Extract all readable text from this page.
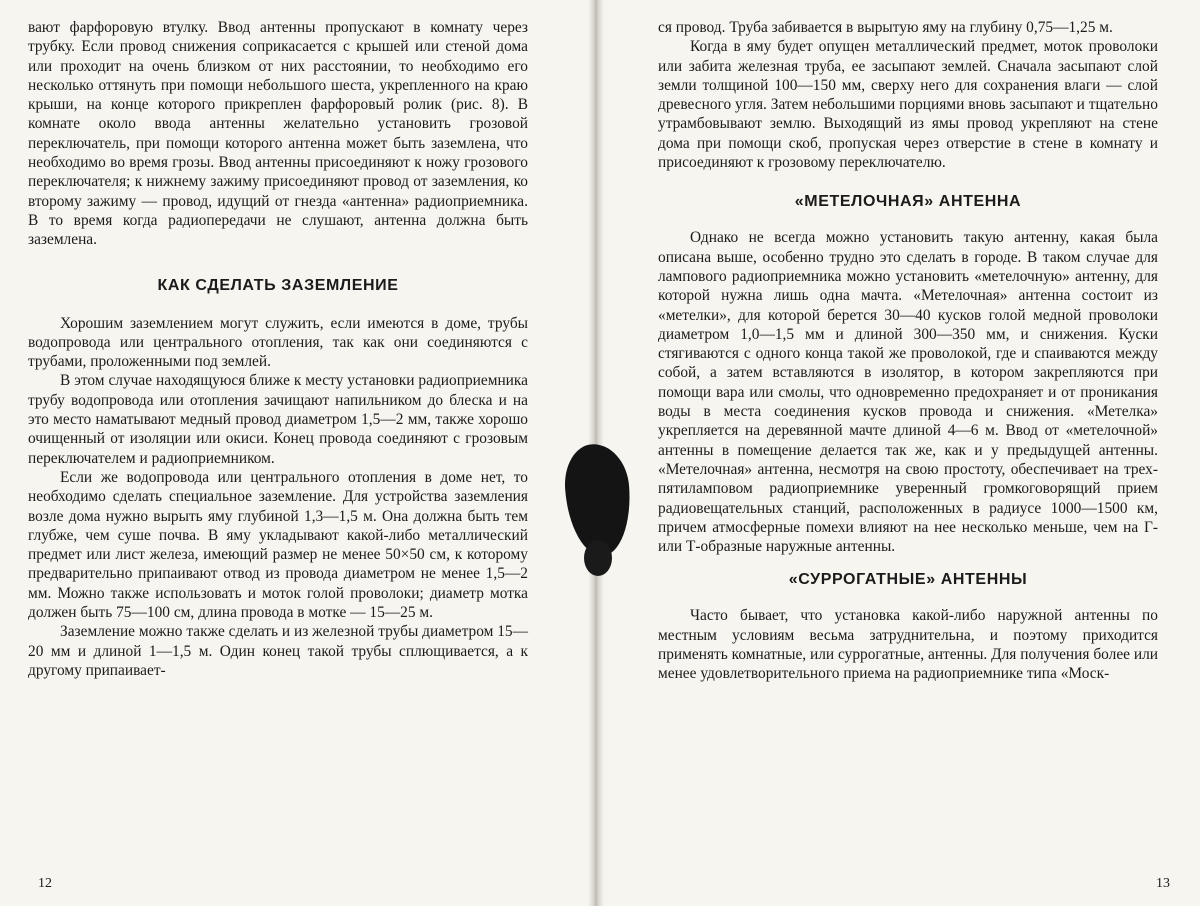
вают фарфоровую втулку. Ввод антенны пропускают в комнату через трубку. Если провод снижения соприкасается с крышей или стеной дома или проходит на очень близком от них расстоянии, то необходимо его несколько оттянуть при помощи небольшого шеста, укрепленного на краю крыши, на конце которого прикреплен фарфоровый ролик (рис. 8). В комнате около ввода антенны желательно установить грозовой переключатель, при помощи которого антенна может быть заземлена, что необходимо во время грозы. Ввод антенны присоединяют к ножу грозового переключателя; к нижнему зажиму присоединяют провод от заземления, ко второму зажиму — провод, идущий от гнезда «антенна» радиоприемника. В то время когда радиопередачи не слушают, антенна должна быть заземлена.

КАК СДЕЛАТЬ ЗАЗЕМЛЕНИЕ

Хорошим заземлением могут служить, если имеются в доме, трубы водопровода или центрального отопления, так как они соединяются с трубами, проложенными под землей.

В этом случае находящуюся ближе к месту установки радиоприемника трубу водопровода или отопления зачищают напильником до блеска и на это место наматывают медный провод диаметром 1,5—2 мм, также хорошо очищенный от изоляции или окиси. Конец провода соединяют с грозовым переключателем и радиоприемником.

Если же водопровода или центрального отопления в доме нет, то необходимо сделать специальное заземление. Для устройства заземления возле дома нужно вырыть яму глубиной 1,3—1,5 м. Она должна быть тем глубже, чем суше почва. В яму укладывают какой-либо металлический предмет или лист железа, имеющий размер не менее 50×50 см, к которому предварительно припаивают отвод из провода диаметром не менее 1,5—2 мм. Можно также использовать и моток голой проволоки; диаметр мотка должен быть 75—100 см, длина провода в мотке — 15—25 м.

Заземление можно также сделать и из железной трубы диаметром 15—20 мм и длиной 1—1,5 м. Один конец такой трубы сплющивается, а к другому припаивает-

12

ся провод. Труба забивается в вырытую яму на глубину 0,75—1,25 м.

Когда в яму будет опущен металлический предмет, моток проволоки или забита железная труба, ее засыпают землей. Сначала засыпают слой земли толщиной 100—150 мм, сверху него для сохранения влаги — слой древесного угля. Затем небольшими порциями вновь засыпают и тщательно утрамбовывают землю. Выходящий из ямы провод укрепляют на стене дома при помощи скоб, пропуская через отверстие в стене в комнату и присоединяют к грозовому переключателю.

«МЕТЕЛОЧНАЯ» АНТЕННА

Однако не всегда можно установить такую антенну, какая была описана выше, особенно трудно это сделать в городе. В таком случае для лампового радиоприемника можно установить «метелочную» антенну, для которой нужна лишь одна мачта. «Метелочная» антенна состоит из «метелки», для которой берется 30—40 кусков голой медной проволоки диаметром 1,0—1,5 мм и длиной 300—350 мм, и снижения. Куски стягиваются с одного конца такой же проволокой, где и спаиваются между собой, а затем вставляются в изолятор, в котором закрепляются при помощи вара или смолы, что одновременно предохраняет и от проникания воды в места соединения кусков провода и снижения. «Метелка» укрепляется на деревянной мачте длиной 4—6 м. Ввод от «метелочной» антенны в помещение делается так же, как и у предыдущей антенны. «Метелочная» антенна, несмотря на свою простоту, обеспечивает на трех-пятиламповом радиоприемнике уверенный громкоговорящий прием радиовещательных станций, расположенных в радиусе 1000—1500 км, причем атмосферные помехи влияют на нее несколько меньше, чем на Г- или Т-образные наружные антенны.

«СУРРОГАТНЫЕ» АНТЕННЫ

Часто бывает, что установка какой-либо наружной антенны по местным условиям весьма затруднительна, и поэтому приходится применять комнатные, или суррогатные, антенны. Для получения более или менее удовлетворительного приема на радиоприемнике типа «Моск-

13
